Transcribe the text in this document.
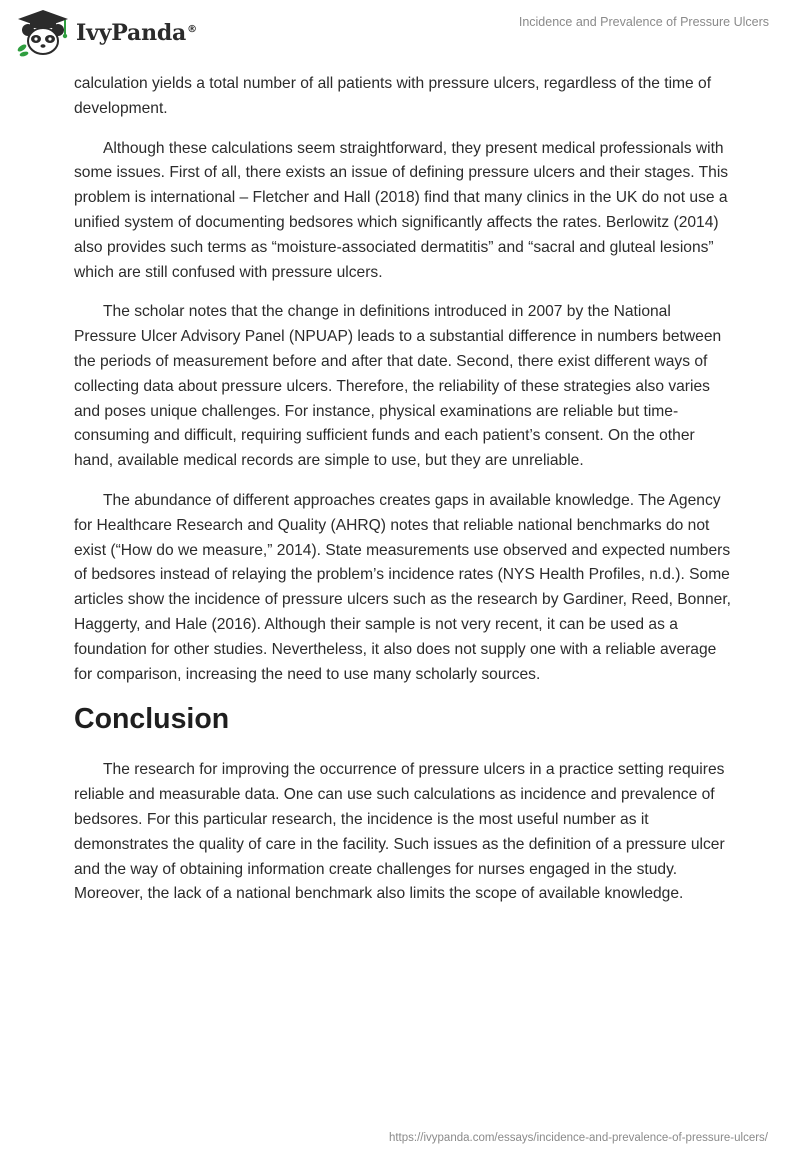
IvyPanda®
Incidence and Prevalence of Pressure Ulcers

calculation yields a total number of all patients with pressure ulcers, regardless of the time of development.

Although these calculations seem straightforward, they present medical professionals with some issues. First of all, there exists an issue of defining pressure ulcers and their stages. This problem is international – Fletcher and Hall (2018) find that many clinics in the UK do not use a unified system of documenting bedsores which significantly affects the rates. Berlowitz (2014) also provides such terms as “moisture-associated dermatitis” and “sacral and gluteal lesions” which are still confused with pressure ulcers.

The scholar notes that the change in definitions introduced in 2007 by the National Pressure Ulcer Advisory Panel (NPUAP) leads to a substantial difference in numbers between the periods of measurement before and after that date. Second, there exist different ways of collecting data about pressure ulcers. Therefore, the reliability of these strategies also varies and poses unique challenges. For instance, physical examinations are reliable but time-consuming and difficult, requiring sufficient funds and each patient’s consent. On the other hand, available medical records are simple to use, but they are unreliable.

The abundance of different approaches creates gaps in available knowledge. The Agency for Healthcare Research and Quality (AHRQ) notes that reliable national benchmarks do not exist (“How do we measure,” 2014). State measurements use observed and expected numbers of bedsores instead of relaying the problem’s incidence rates (NYS Health Profiles, n.d.). Some articles show the incidence of pressure ulcers such as the research by Gardiner, Reed, Bonner, Haggerty, and Hale (2016). Although their sample is not very recent, it can be used as a foundation for other studies. Nevertheless, it also does not supply one with a reliable average for comparison, increasing the need to use many scholarly sources.

Conclusion

The research for improving the occurrence of pressure ulcers in a practice setting requires reliable and measurable data. One can use such calculations as incidence and prevalence of bedsores. For this particular research, the incidence is the most useful number as it demonstrates the quality of care in the facility. Such issues as the definition of a pressure ulcer and the way of obtaining information create challenges for nurses engaged in the study. Moreover, the lack of a national benchmark also limits the scope of available knowledge.

https://ivypanda.com/essays/incidence-and-prevalence-of-pressure-ulcers/
